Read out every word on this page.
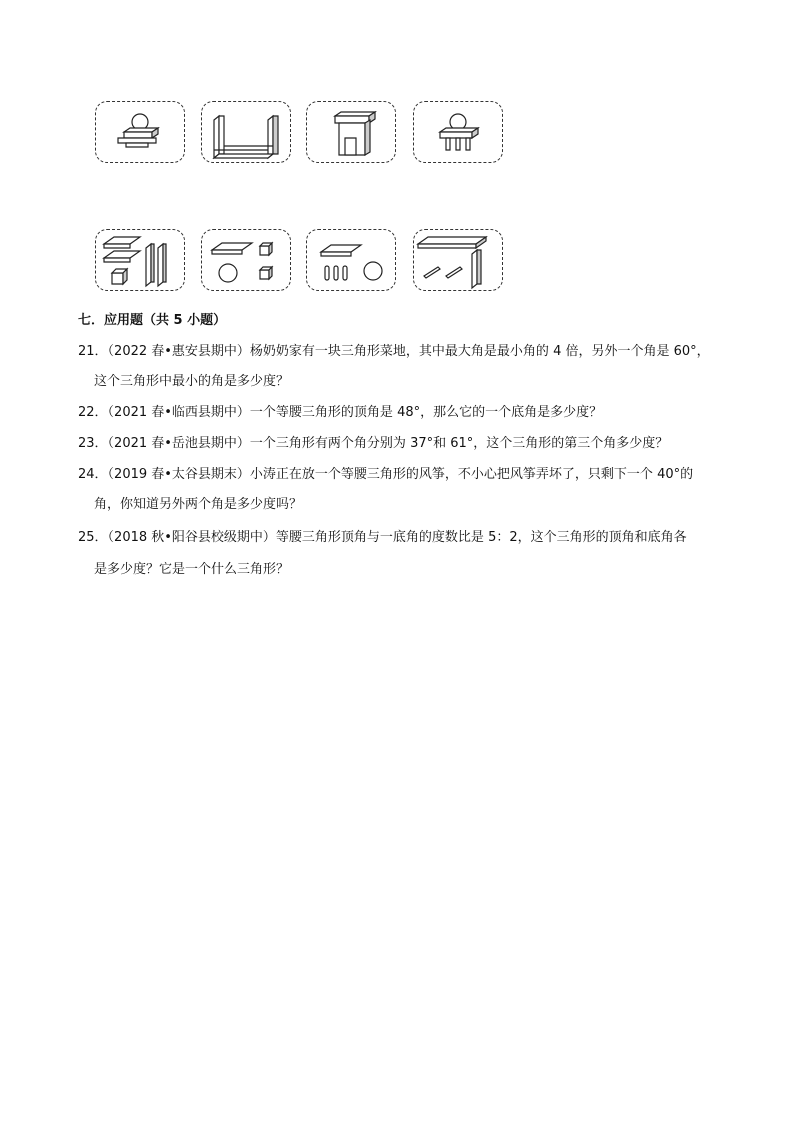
七．应用题（共 5 小题）
21．（2022 春•惠安县期中）杨奶奶家有一块三角形菜地，其中最大角是最小角的 4 倍，另外一个角是 60°，
这个三角形中最小的角是多少度？
22．（2021 春•临西县期中）一个等腰三角形的顶角是 48°，那么它的一个底角是多少度？
23．（2021 春•岳池县期中）一个三角形有两个角分别为 37°和 61°，这个三角形的第三个角多少度？
24．（2019 春•太谷县期末）小涛正在放一个等腰三角形的风筝，不小心把风筝弄坏了，只剩下一个 40°的
角，你知道另外两个角是多少度吗？
25．（2018 秋•阳谷县校级期中）等腰三角形顶角与一底角的度数比是 5：2，这个三角形的顶角和底角各
是多少度？它是一个什么三角形？
